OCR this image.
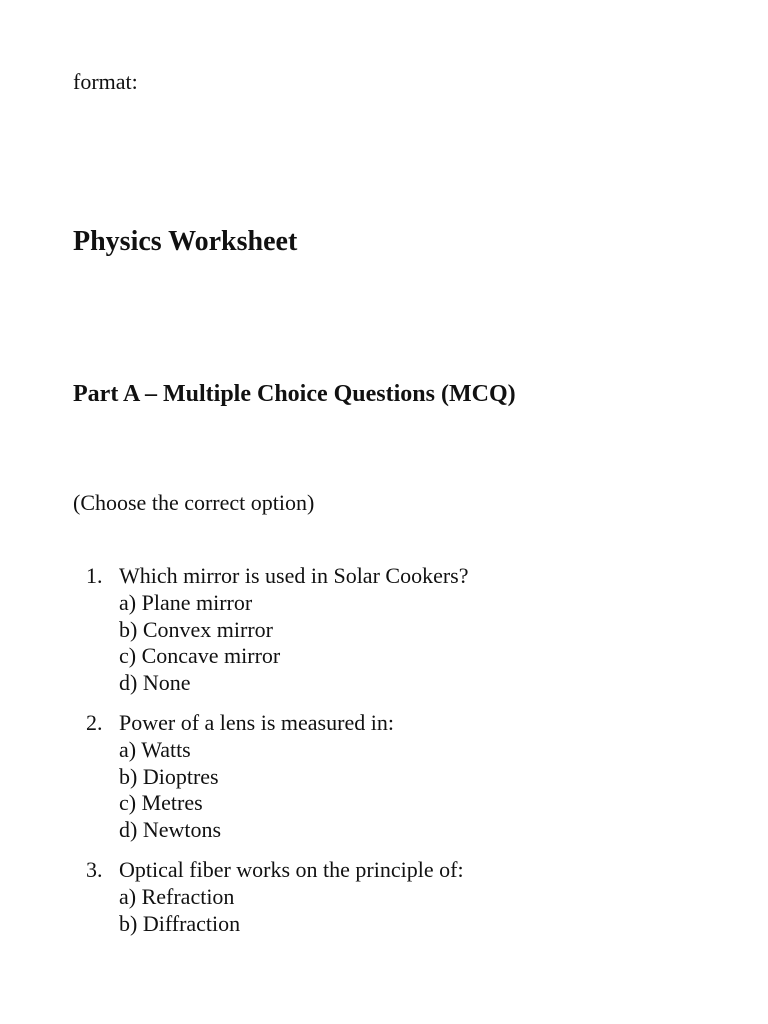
format:
Physics Worksheet
Part A – Multiple Choice Questions (MCQ)
(Choose the correct option)
1. Which mirror is used in Solar Cookers?
a) Plane mirror
b) Convex mirror
c) Concave mirror
d) None
2. Power of a lens is measured in:
a) Watts
b) Dioptres
c) Metres
d) Newtons
3. Optical fiber works on the principle of:
a) Refraction
b) Diffraction
